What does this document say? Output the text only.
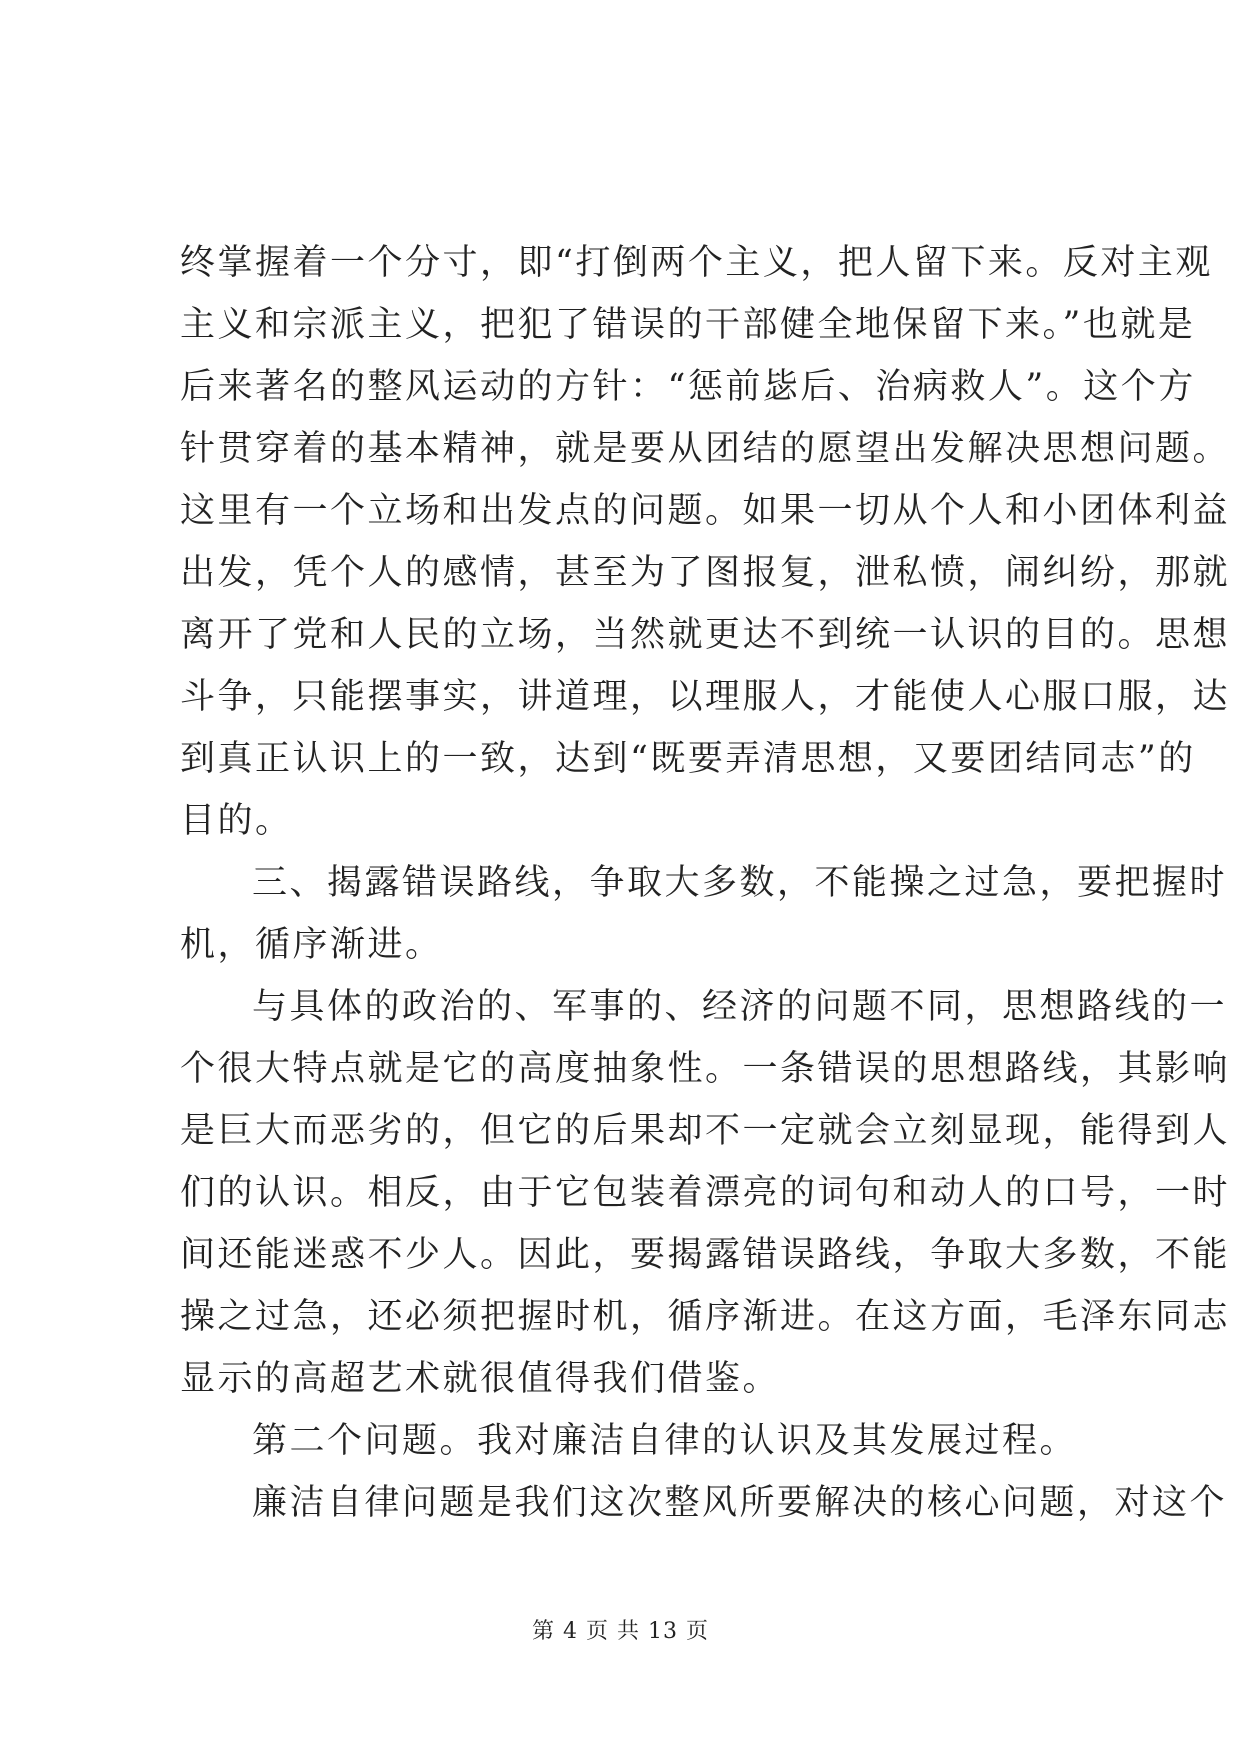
终掌握着一个分寸，即“打倒两个主义，把人留下来。反对主观
主义和宗派主义，把犯了错误的干部健全地保留下来。”也就是
后来著名的整风运动的方针：“惩前毖后、治病救人”。这个方
针贯穿着的基本精神，就是要从团结的愿望出发解决思想问题。
这里有一个立场和出发点的问题。如果一切从个人和小团体利益
出发，凭个人的感情，甚至为了图报复，泄私愤，闹纠纷，那就
离开了党和人民的立场，当然就更达不到统一认识的目的。思想
斗争，只能摆事实，讲道理，以理服人，才能使人心服口服，达
到真正认识上的一致，达到“既要弄清思想，又要团结同志”的
目的。
三、揭露错误路线，争取大多数，不能操之过急，要把握时
机，循序渐进。
与具体的政治的、军事的、经济的问题不同，思想路线的一
个很大特点就是它的高度抽象性。一条错误的思想路线，其影响
是巨大而恶劣的，但它的后果却不一定就会立刻显现，能得到人
们的认识。相反，由于它包装着漂亮的词句和动人的口号，一时
间还能迷惑不少人。因此，要揭露错误路线，争取大多数，不能
操之过急，还必须把握时机，循序渐进。在这方面，毛泽东同志
显示的高超艺术就很值得我们借鉴。
第二个问题。我对廉洁自律的认识及其发展过程。
廉洁自律问题是我们这次整风所要解决的核心问题，对这个
第 4 页 共 13 页
